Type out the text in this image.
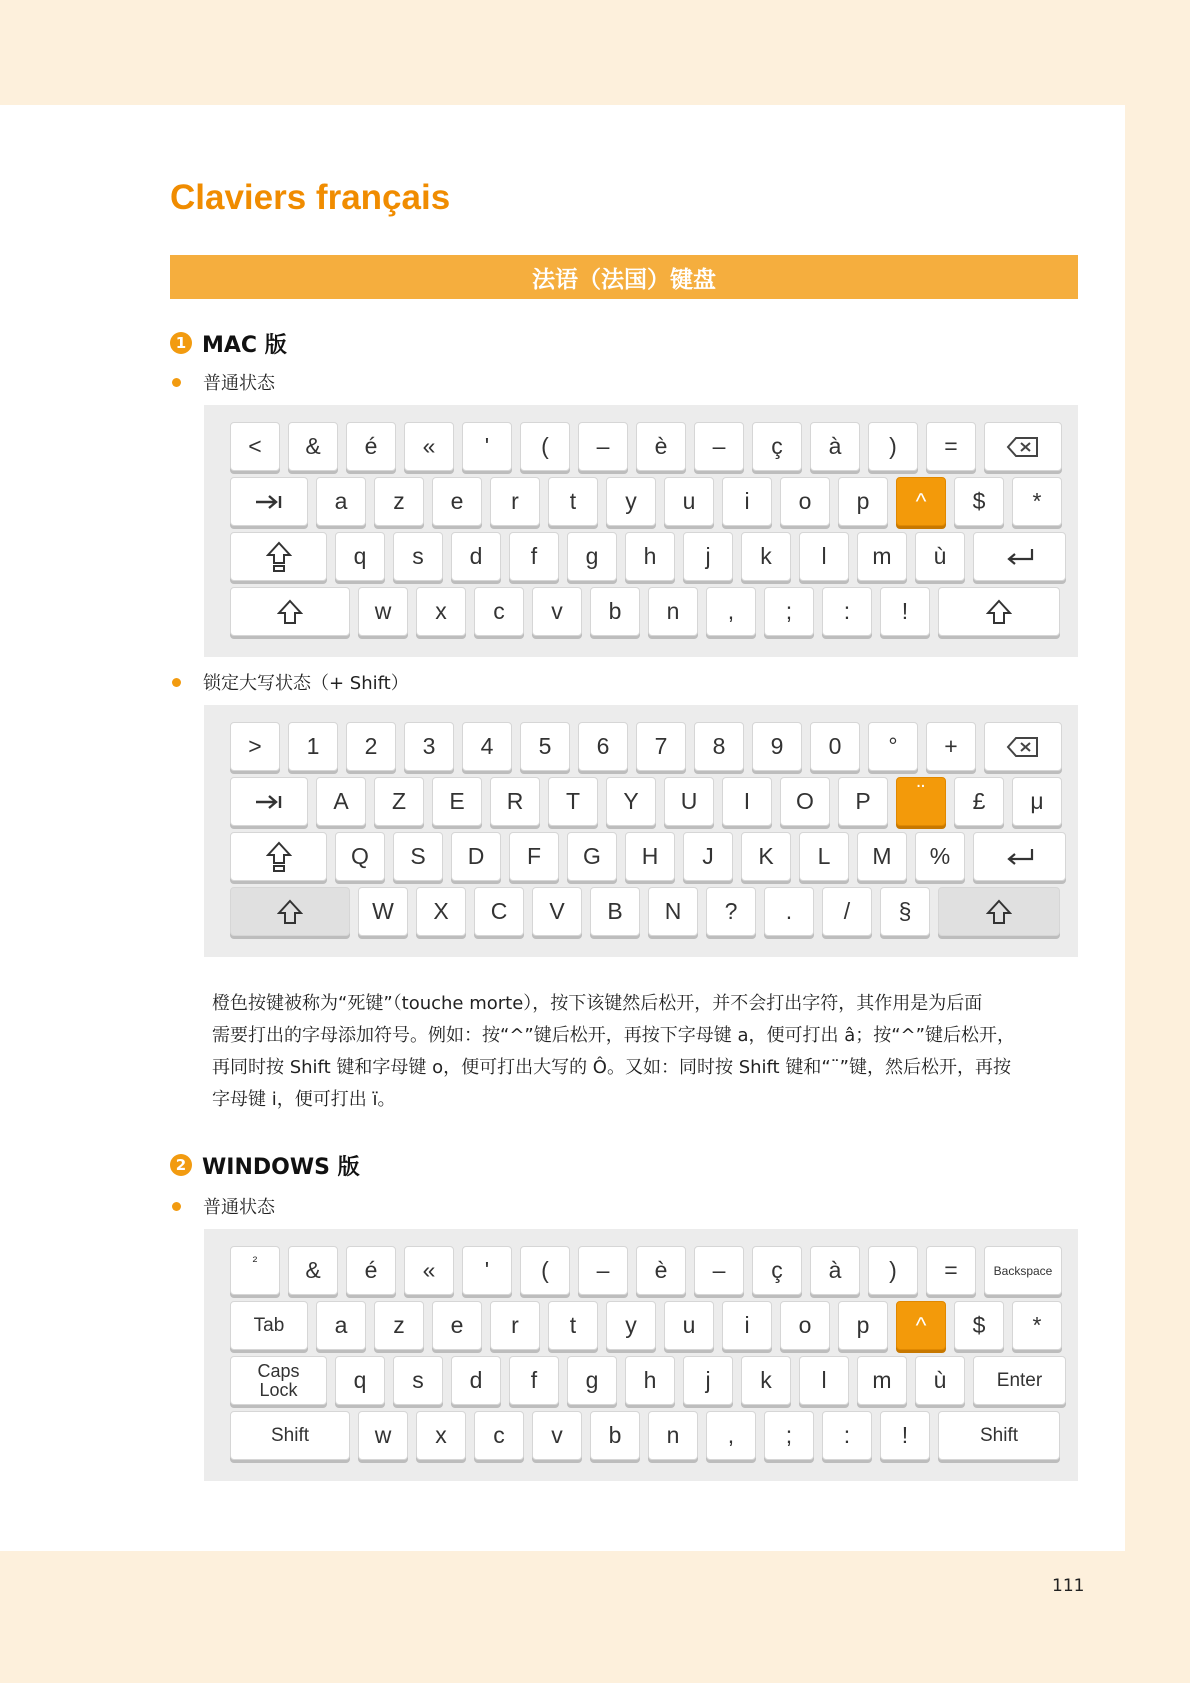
Claviers français
法语（法国）键盘
1 MAC 版
普通状态
<	&	é	«	'	(	–	è	–	ç	à	)	=
a	z	e	r	t	y	u	i	o	p	^	$	*
q	s	d	f	g	h	j	k	l	m	ù
w	x	c	v	b	n	,	;	:	!
锁定大写状态（+ Shift）
>	1	2	3	4	5	6	7	8	9	0	°	+
A	Z	E	R	T	Y	U	I	O	P	¨	£	μ
Q	S	D	F	G	H	J	K	L	M	%
W	X	C	V	B	N	?	.	/	§

橙色按键被称为“死键”（touche morte），按下该键然后松开，并不会打出字符，其作用是为后面

需要打出的字母添加符号。例如：按“^”键后松开，再按下字母键 a，便可打出 â；按“^”键后松开，

再同时按 Shift 键和字母键 o，便可打出大写的 Ô。又如：同时按 Shift 键和“¨”键，然后松开，再按

字母键 i，便可打出 ï。

2 WINDOWS 版
普通状态
²	&	é	«	'	(	–	è	–	ç	à	)	=	Backspace
Tab	a	z	e	r	t	y	u	i	o	p	^	$	*
Caps
Lock	q	s	d	f	g	h	j	k	l	m	ù	Enter
Shift	w	x	c	v	b	n	,	;	:	!	Shift
111
